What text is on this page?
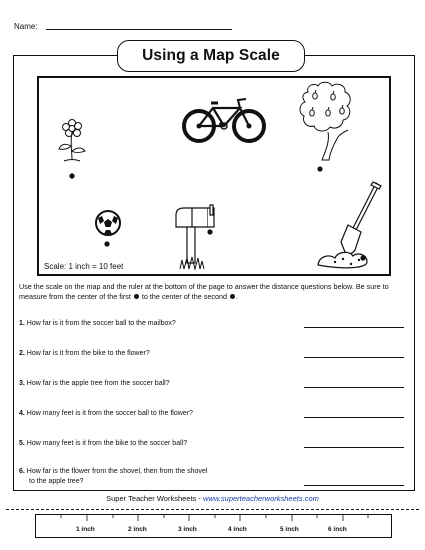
Name:
Using a Map Scale
Scale: 1 inch = 10 feet
Use the scale on the map and the ruler at the bottom of the page to answer the distance questions below. Be sure to measure from the center of the first to the center of the second .
1. How far is it from the soccer ball to the mailbox?
2. How far is it from the bike to the flower?
3. How far is the apple tree from the soccer ball?
4. How many feet is it from the soccer ball to the flower?
5. How many feet is it from the bike to the soccer ball?
6. How far is the flower from the shovel, then from the shovel
to the apple tree?
Super Teacher Worksheets - www.superteacherworksheets.com
1 inch	2 inch	3 inch	4 inch	5 inch	6 inch
